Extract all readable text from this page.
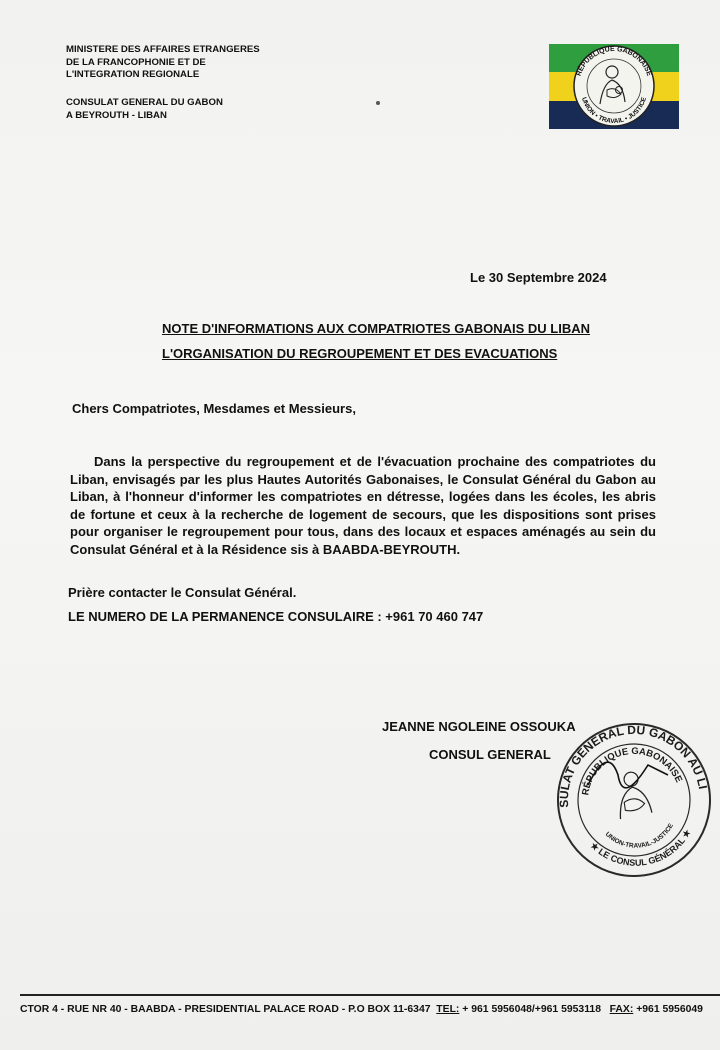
MINISTERE DES AFFAIRES ETRANGERES
DE LA FRANCOPHONIE ET DE
L'INTEGRATION REGIONALE
CONSULAT GENERAL DU GABON
A BEYROUTH - LIBAN
RÉPUBLIQUE GABONAISE
UNION • TRAVAIL • JUSTICE
Le 30 Septembre 2024
NOTE D'INFORMATIONS AUX COMPATRIOTES GABONAIS DU LIBAN
L'ORGANISATION DU REGROUPEMENT ET DES EVACUATIONS
Chers Compatriotes, Mesdames et Messieurs,
Dans la perspective du regroupement et de l'évacuation prochaine des compatriotes du Liban, envisagés par les plus Hautes Autorités Gabonaises, le Consulat Général du Gabon au Liban, à l'honneur d'informer les compatriotes en détresse, logées dans les écoles, les abris de fortune et ceux à la recherche de logement de secours, que les dispositions sont prises pour organiser le regroupement pour tous, dans des locaux et espaces aménagés au sein du Consulat Général et à la Résidence sis à BAABDA-BEYROUTH.
Prière contacter le Consulat Général.
LE NUMERO DE LA PERMANENCE CONSULAIRE : +961 70 460 747
JEANNE NGOLEINE OSSOUKA
CONSUL GENERAL
CONSULAT GÉNÉRAL DU GABON AU LIBAN
RÉPUBLIQUE GABONAISE
UNION-TRAVAIL-JUSTICE
★ LE CONSUL GÉNÉRAL ★
CTOR 4 - RUE NR 40 - BAABDA - PRESIDENTIAL PALACE ROAD - P.O BOX 11-6347 TEL: + 961 5956048/+961 5953118 FAX: +961 5956049
